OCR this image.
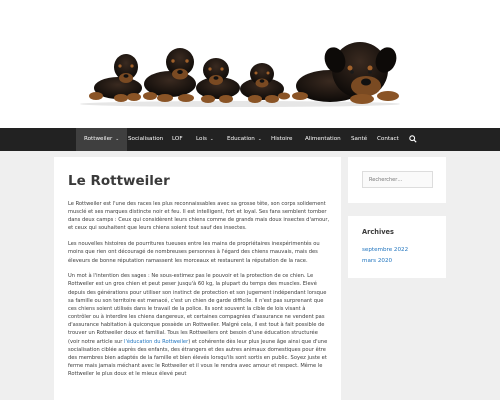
Rottweiler ⌄	Socialisation LOF Lois ⌄ Education ⌄ Histoire Alimentation Santé Contact
Le Rottweiler

Le Rottweiler est l'une des races les plus reconnaissables avec sa grosse tête, son corps solidement musclé et ses marques distincte noir et feu. Il est intelligent, fort et loyal. Ses fans semblent tomber dans deux camps : Ceux qui considèrent leurs chiens comme de grands mais doux insectes d'amour, et ceux qui souhaitent que leurs chiens soient tout sauf des insectes.

Les nouvelles histoires de pourritures tueuses entre les mains de propriétaires inexpérimentés ou moins que rien ont découragé de nombreuses personnes à l'égard des chiens mauvais, mais des éleveurs de bonne réputation ramassent les morceaux et restaurent la réputation de la race.

Un mot à l'intention des sages : Ne sous-estimez pas le pouvoir et la protection de ce chien. Le Rottweiler est un gros chien et peut peser jusqu'à 60 kg, la plupart du temps des muscles. Elevé depuis des générations pour utiliser son instinct de protection et son jugement indépendant lorsque sa famille ou son territoire est menacé, c'est un chien de garde difficile. Il n'est pas surprenant que ces chiens soient utilisés dans le travail de la police. Ils sont souvent la cible de lois visant à contrôler ou à interdire les chiens dangereux, et certaines compagnies d'assurance ne vendent pas d'assurance habitation à quiconque possède un Rottweiler. Malgré cela, il est tout à fait possible de trouver un Rottweiler doux et familial. Tous les Rottweilers ont besoin d'une éducation structurée (voir notre article sur l'éducation du Rottweiler) et cohérente dès leur plus jeune âge ainsi que d'une socialisation ciblée auprès des enfants, des étrangers et des autres animaux domestiques pour être des membres bien adaptés de la famille et bien élevés lorsqu'ils sont sortis en public. Soyez juste et ferme mais jamais méchant avec le Rottweiler et il vous le rendra avec amour et respect. Même le Rottweiler le plus doux et le mieux élevé peut

Rechercher…
Archives
septembre 2022
mars 2020
